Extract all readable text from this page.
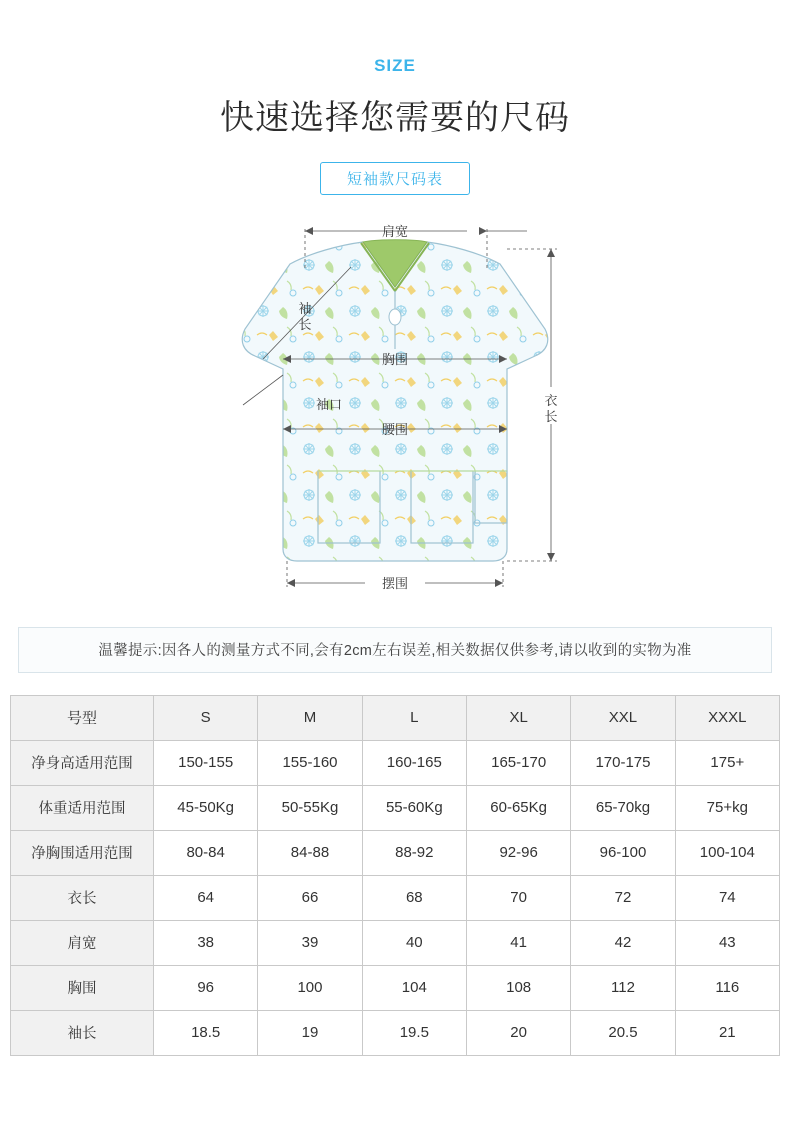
SIZE
快速选择您需要的尺码
短袖款尺码表
肩宽
袖
长
胸围
袖口
腰围
衣
长
摆围
温馨提示:因各人的测量方式不同,会有2cm左右误差,相关数据仅供参考,请以收到的实物为准
号型	S	M	L	XL	XXL	XXXL
净身高适用范围	150-155	155-160	160-165	165-170	170-175	175+
体重适用范围	45-50Kg	50-55Kg	55-60Kg	60-65Kg	65-70kg	75+kg
净胸围适用范围	80-84	84-88	88-92	92-96	96-100	100-104
衣长	64	66	68	70	72	74
肩宽	38	39	40	41	42	43
胸围	96	100	104	108	112	116
袖长	18.5	19	19.5	20	20.5	21
